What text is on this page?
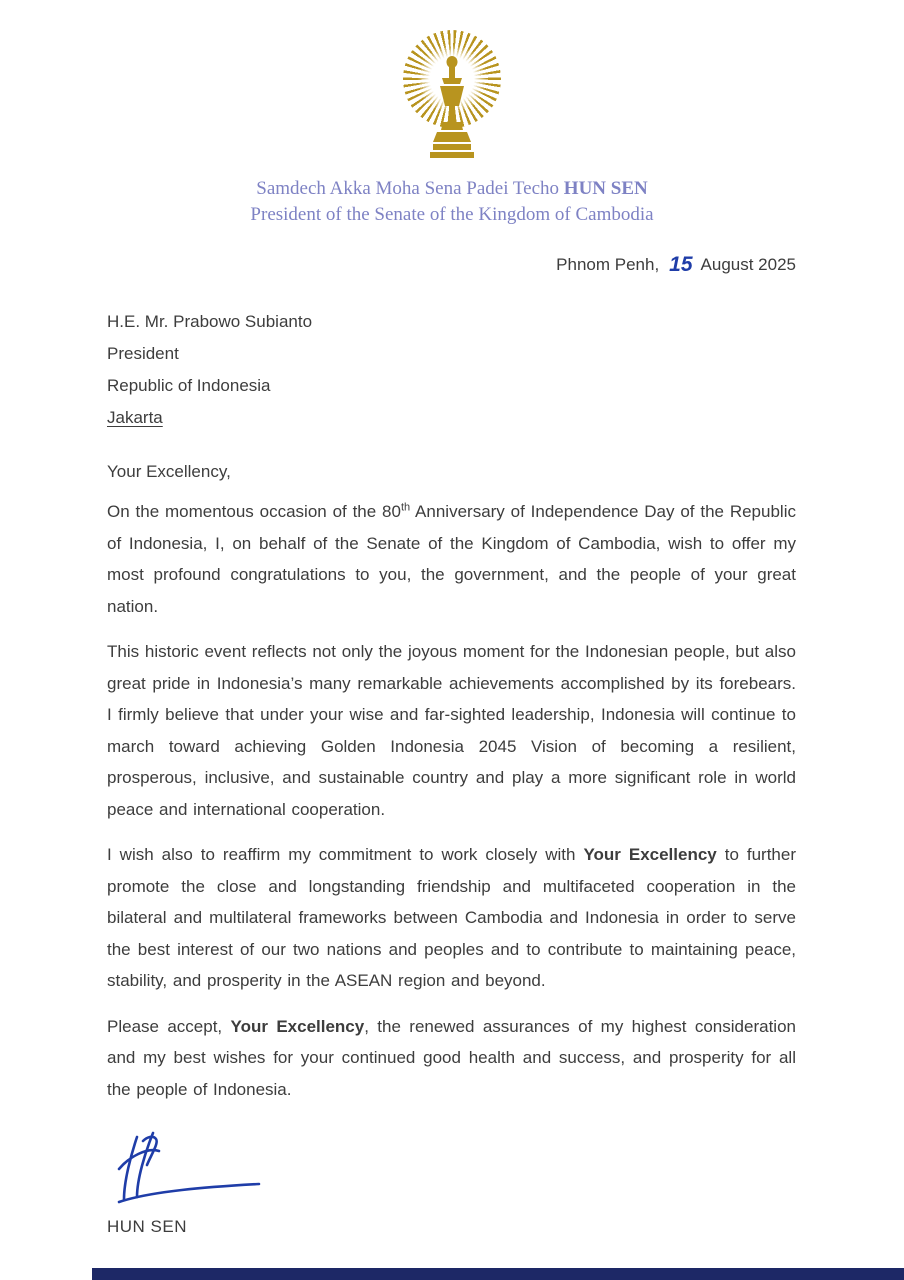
Samdech Akka Moha Sena Padei Techo HUN SEN
President of the Senate of the Kingdom of Cambodia
Phnom Penh, 15 August 2025
H.E. Mr. Prabowo Subianto
President
Republic of Indonesia
Jakarta
Your Excellency,

On the momentous occasion of the 80th Anniversary of Independence Day of the Republic of Indonesia, I, on behalf of the Senate of the Kingdom of Cambodia, wish to offer my most profound congratulations to you, the government, and the people of your great nation.

This historic event reflects not only the joyous moment for the Indonesian people, but also great pride in Indonesia’s many remarkable achievements accomplished by its forebears. I firmly believe that under your wise and far-sighted leadership, Indonesia will continue to march toward achieving Golden Indonesia 2045 Vision of becoming a resilient, prosperous, inclusive, and sustainable country and play a more significant role in world peace and international cooperation.

I wish also to reaffirm my commitment to work closely with Your Excellency to further promote the close and longstanding friendship and multifaceted cooperation in the bilateral and multilateral frameworks between Cambodia and Indonesia in order to serve the best interest of our two nations and peoples and to contribute to maintaining peace, stability, and prosperity in the ASEAN region and beyond.

Please accept, Your Excellency, the renewed assurances of my highest consideration and my best wishes for your continued good health and success, and prosperity for all the people of Indonesia.

HUN SEN
